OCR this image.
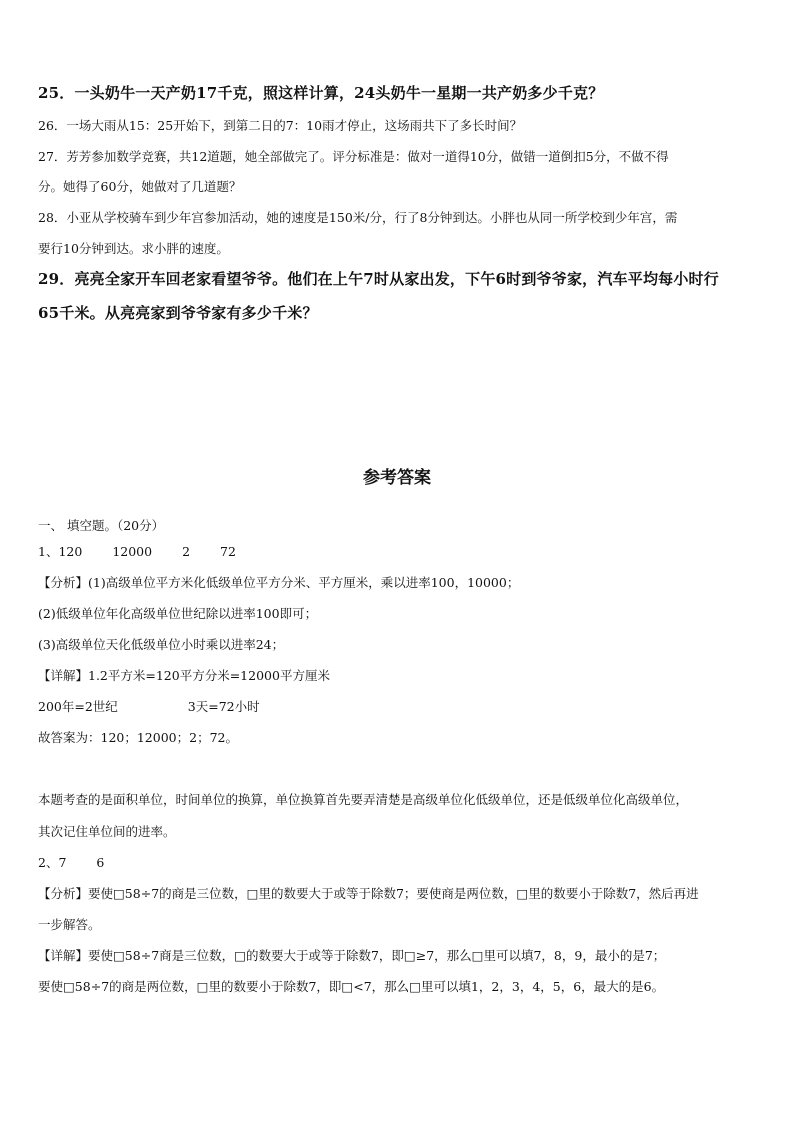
25．一头奶牛一天产奶17千克，照这样计算，24头奶牛一星期一共产奶多少千克？
26．一场大雨从15：25开始下，到第二日的7：10雨才停止，这场雨共下了多长时间？
27．芳芳参加数学竞赛，共12道题，她全部做完了。评分标准是：做对一道得10分，做错一道倒扣5分，不做不得
分。她得了60分，她做对了几道题？
28．小亚从学校骑车到少年宫参加活动，她的速度是150米/分，行了8分钟到达。小胖也从同一所学校到少年宫，需
要行10分钟到达。求小胖的速度。
29．亮亮全家开车回老家看望爷爷。他们在上午7时从家出发，下午6时到爷爷家，汽车平均每小时行
65千米。从亮亮家到爷爷家有多少千米？
参考答案
一、 填空题。（20分）
1、120 12000 2 72
【分析】(1)高级单位平方米化低级单位平方分米、平方厘米，乘以进率100，10000；
(2)低级单位年化高级单位世纪除以进率100即可；
(3)高级单位天化低级单位小时乘以进率24；
【详解】1.2平方米=120平方分米=12000平方厘米
200年=2世纪	3天=72小时
故答案为：120；12000；2；72。
本题考查的是面积单位，时间单位的换算，单位换算首先要弄清楚是高级单位化低级单位，还是低级单位化高级单位，
其次记住单位间的进率。
2、7 6
【分析】要使□58÷7的商是三位数，□里的数要大于或等于除数7；要使商是两位数，□里的数要小于除数7，然后再进
一步解答。
【详解】要使□58÷7商是三位数，□的数要大于或等于除数7，即□≥7，那么□里可以填7，8，9，最小的是7；
要使□58÷7的商是两位数，□里的数要小于除数7，即□<7，那么□里可以填1，2，3，4，5，6，最大的是6。
